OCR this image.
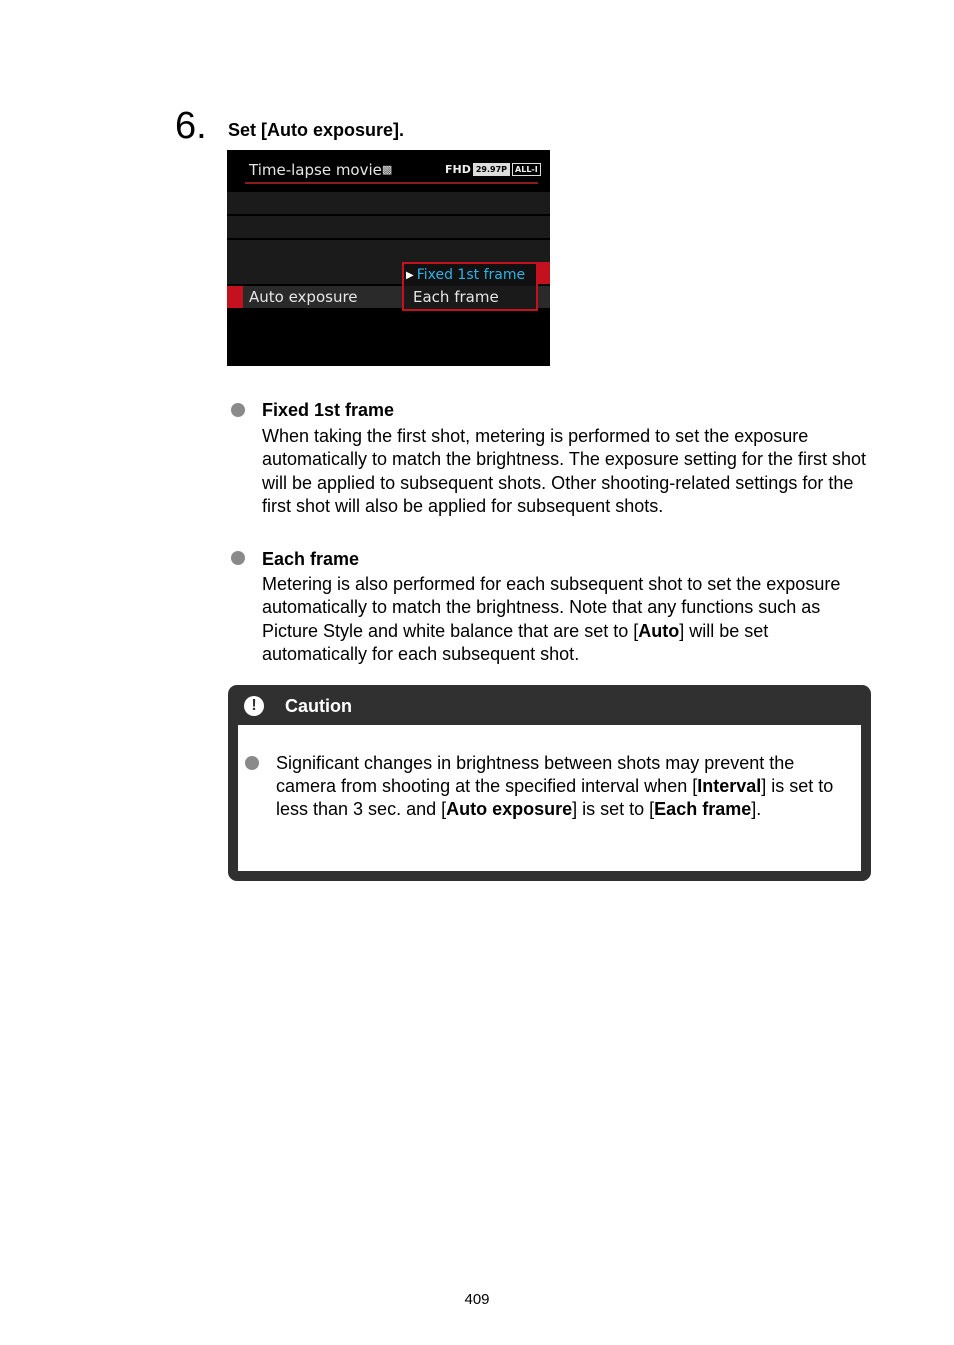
6. Set [Auto exposure].
Time-lapse movie▩	FHD 29.97P	ALL-I
Auto exposure
▶ Fixed 1st frame
Each frame
Fixed 1st frame
When taking the first shot, metering is performed to set the exposure automatically to match the brightness. The exposure setting for the first shot will be applied to subsequent shots. Other shooting-related settings for the first shot will also be applied for subsequent shots.
Each frame
Metering is also performed for each subsequent shot to set the exposure automatically to match the brightness. Note that any functions such as Picture Style and white balance that are set to [Auto] will be set automatically for each subsequent shot.
!	Caution
Significant changes in brightness between shots may prevent the camera from shooting at the specified interval when [Interval] is set to less than 3 sec. and [Auto exposure] is set to [Each frame].
409
